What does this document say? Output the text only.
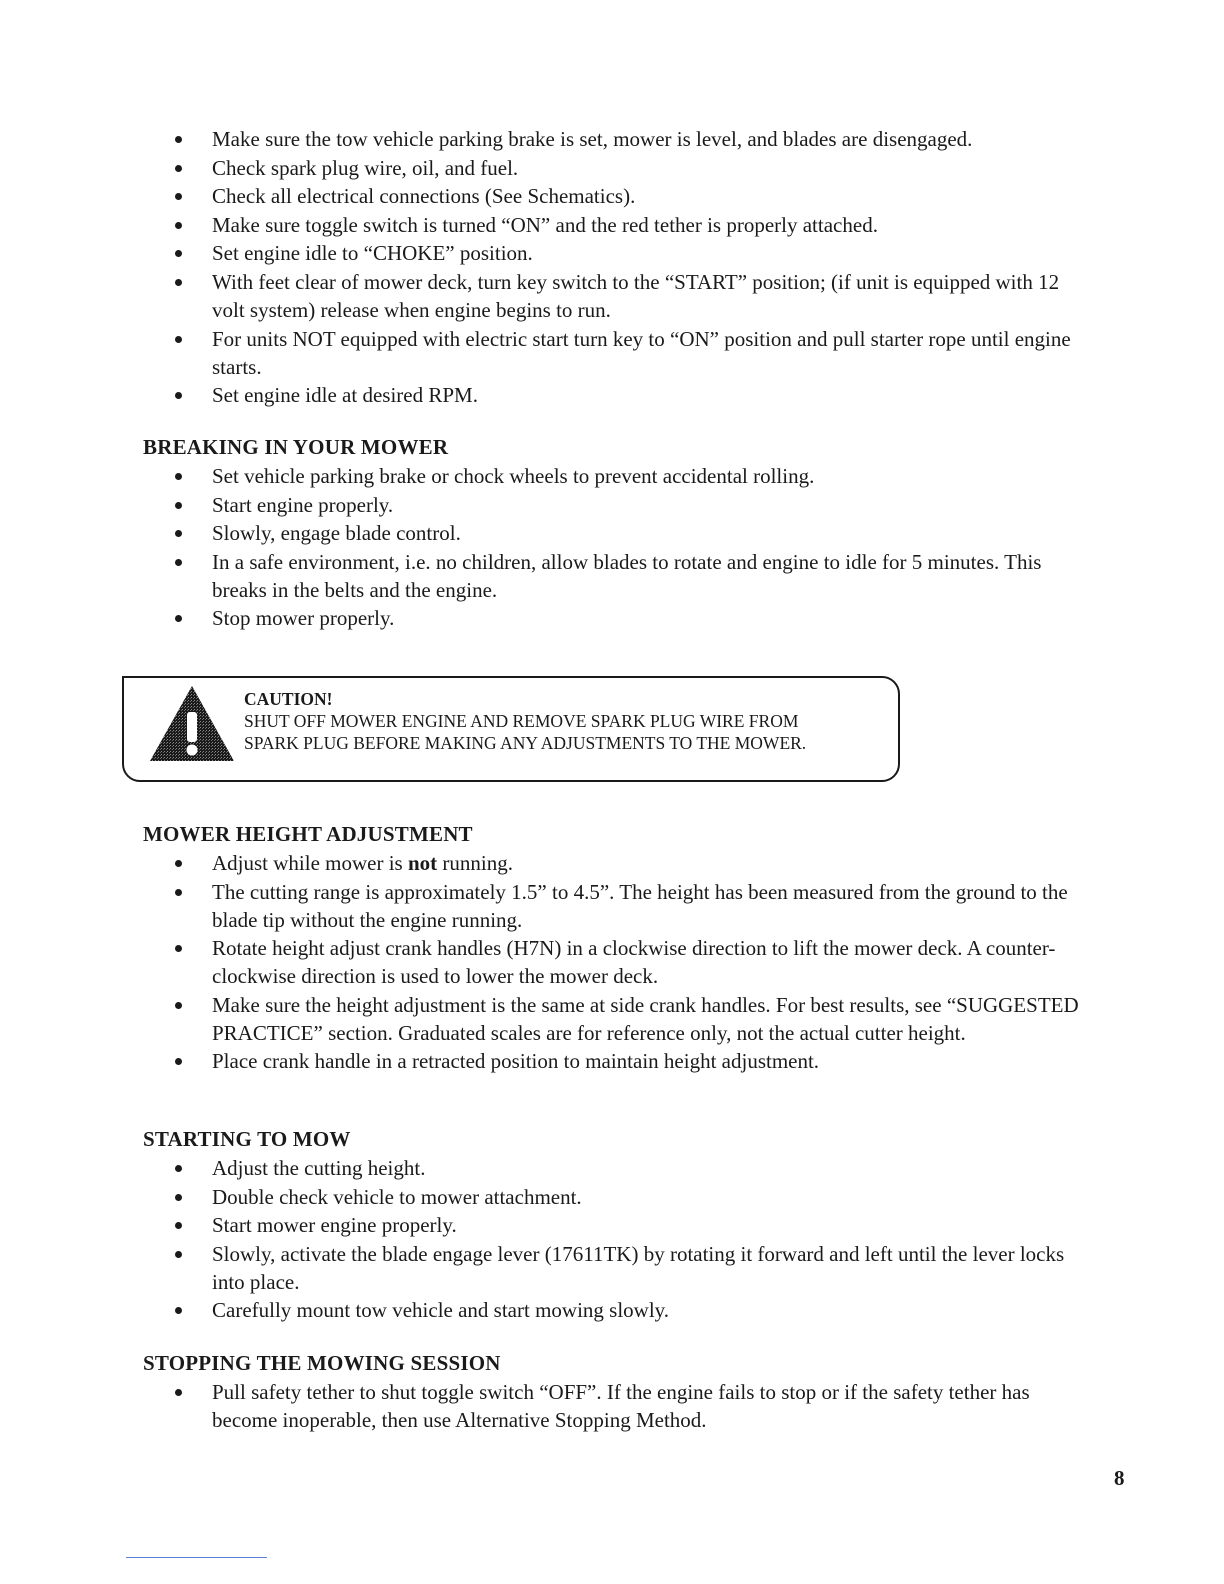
Make sure the tow vehicle parking brake is set, mower is level, and blades are disengaged.
Check spark plug wire, oil, and fuel.
Check all electrical connections (See Schematics).
Make sure toggle switch is turned “ON” and the red tether is properly attached.
Set engine idle to “CHOKE” position.
With feet clear of mower deck, turn key switch to the “START” position; (if unit is equipped with 12 volt system) release when engine begins to run.
For units NOT equipped with electric start turn key to “ON” position and pull starter rope until engine starts.
Set engine idle at desired RPM.
BREAKING IN YOUR MOWER
Set vehicle parking brake or chock wheels to prevent accidental rolling.
Start engine properly.
Slowly, engage blade control.
In a safe environment, i.e. no children, allow blades to rotate and engine to idle for 5 minutes. This breaks in the belts and the engine.
Stop mower properly.
CAUTION!
SHUT OFF MOWER ENGINE AND REMOVE SPARK PLUG WIRE FROM
SPARK PLUG BEFORE MAKING ANY ADJUSTMENTS TO THE MOWER.
MOWER HEIGHT ADJUSTMENT
Adjust while mower is not running.
The cutting range is approximately 1.5” to 4.5”. The height has been measured from the ground to the blade tip without the engine running.
Rotate height adjust crank handles (H7N) in a clockwise direction to lift the mower deck. A counter-clockwise direction is used to lower the mower deck.
Make sure the height adjustment is the same at side crank handles. For best results, see “SUGGESTED PRACTICE” section. Graduated scales are for reference only, not the actual cutter height.
Place crank handle in a retracted position to maintain height adjustment.
STARTING TO MOW
Adjust the cutting height.
Double check vehicle to mower attachment.
Start mower engine properly.
Slowly, activate the blade engage lever (17611TK) by rotating it forward and left until the lever locks into place.
Carefully mount tow vehicle and start mowing slowly.
STOPPING THE MOWING SESSION
Pull safety tether to shut toggle switch “OFF”. If the engine fails to stop or if the safety tether has become inoperable, then use Alternative Stopping Method.
8
